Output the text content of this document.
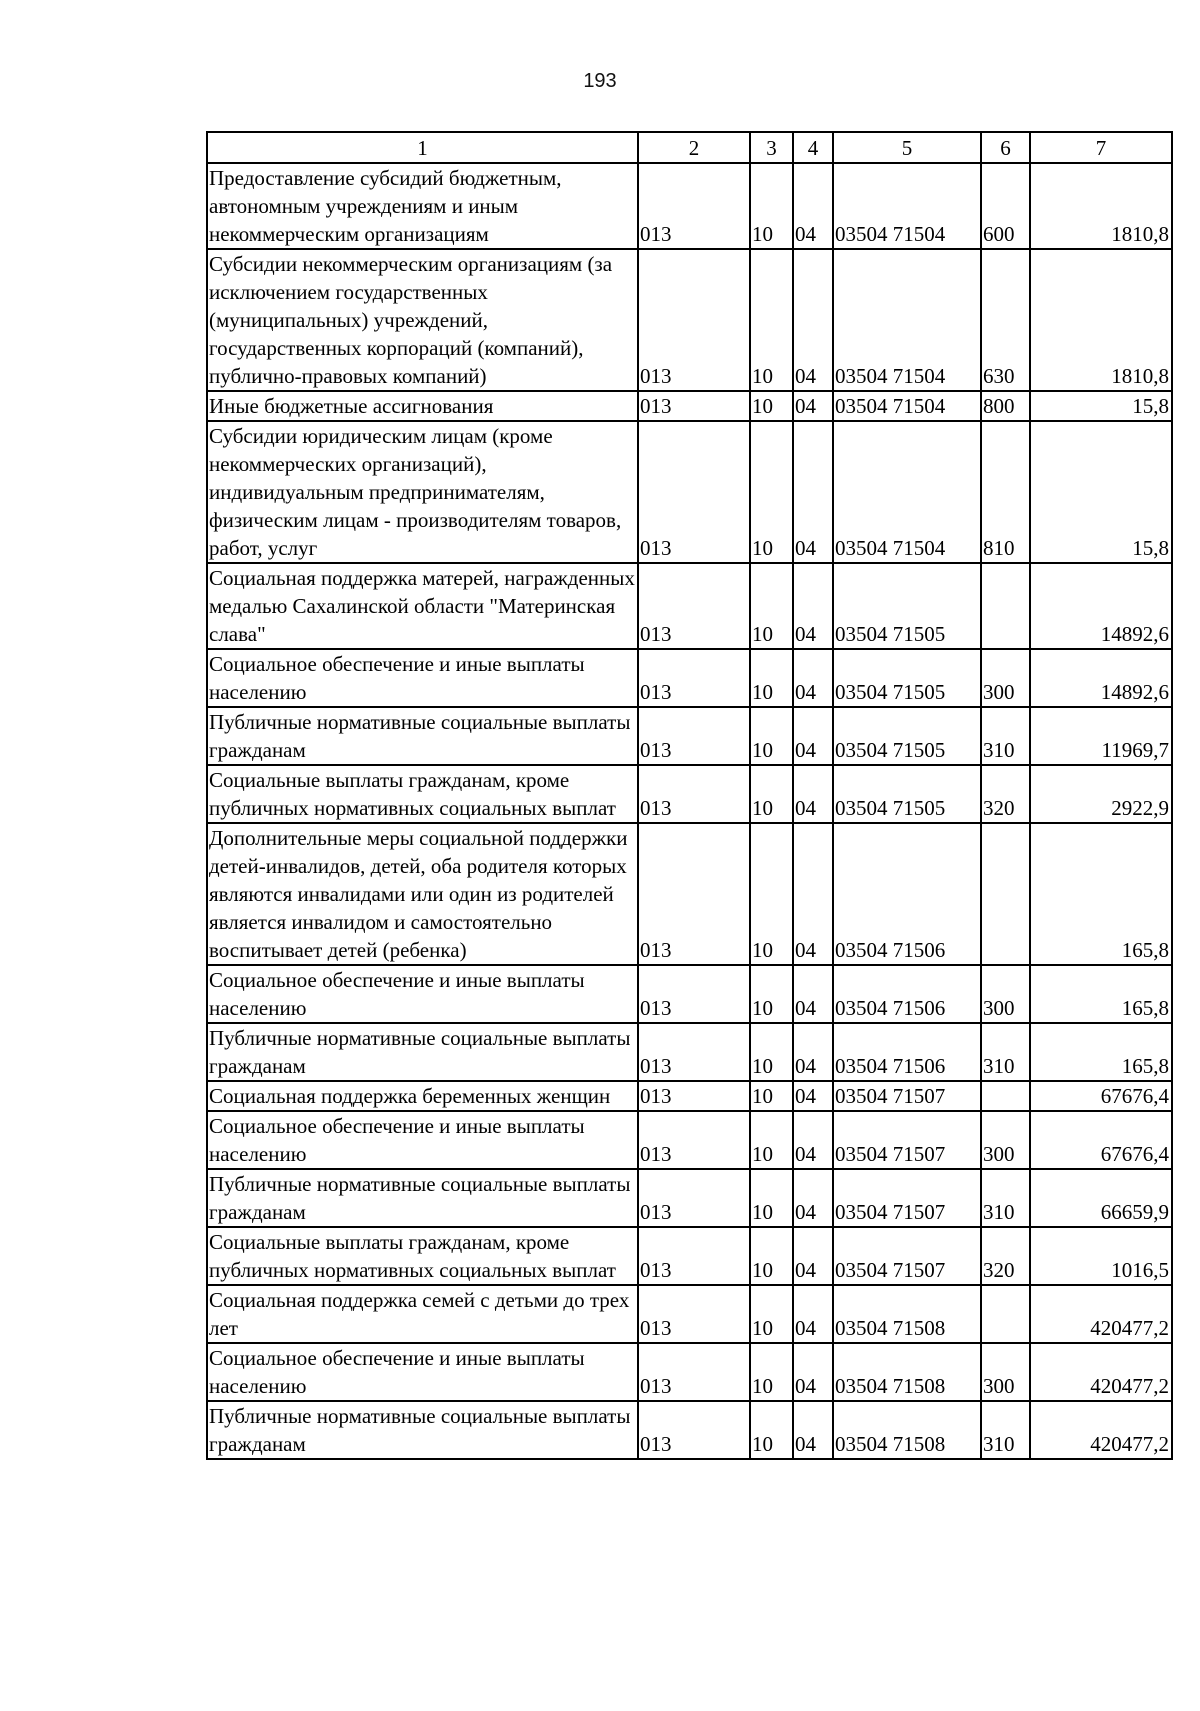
193
1	2	3	4	5	6	7
Предоставление субсидий бюджетным, автономным учреждениям и иным некоммерческим организациям	013	10	04	03504 71504	600	1810,8
Субсидии некоммерческим организациям (за исключением государственных (муниципальных) учреждений, государственных корпораций (компаний), публично-правовых компаний)	013	10	04	03504 71504	630	1810,8
Иные бюджетные ассигнования	013	10	04	03504 71504	800	15,8
Субсидии юридическим лицам (кроме некоммерческих организаций), индивидуальным предпринимателям, физическим лицам - производителям товаров, работ, услуг	013	10	04	03504 71504	810	15,8
Социальная поддержка матерей, награжденных медалью Сахалинской области "Материнская слава"	013	10	04	03504 71505		14892,6
Социальное обеспечение и иные выплаты населению	013	10	04	03504 71505	300	14892,6
Публичные нормативные социальные выплаты гражданам	013	10	04	03504 71505	310	11969,7
Социальные выплаты гражданам, кроме публичных нормативных социальных выплат	013	10	04	03504 71505	320	2922,9
Дополнительные меры социальной поддержки детей-инвалидов, детей, оба родителя которых являются инвалидами или один из родителей является инвалидом и самостоятельно воспитывает детей (ребенка)	013	10	04	03504 71506		165,8
Социальное обеспечение и иные выплаты населению	013	10	04	03504 71506	300	165,8
Публичные нормативные социальные выплаты гражданам	013	10	04	03504 71506	310	165,8
Социальная поддержка беременных женщин	013	10	04	03504 71507		67676,4
Социальное обеспечение и иные выплаты населению	013	10	04	03504 71507	300	67676,4
Публичные нормативные социальные выплаты гражданам	013	10	04	03504 71507	310	66659,9
Социальные выплаты гражданам, кроме публичных нормативных социальных выплат	013	10	04	03504 71507	320	1016,5
Социальная поддержка семей с детьми до трех лет	013	10	04	03504 71508		420477,2
Социальное обеспечение и иные выплаты населению	013	10	04	03504 71508	300	420477,2
Публичные нормативные социальные выплаты гражданам	013	10	04	03504 71508	310	420477,2
